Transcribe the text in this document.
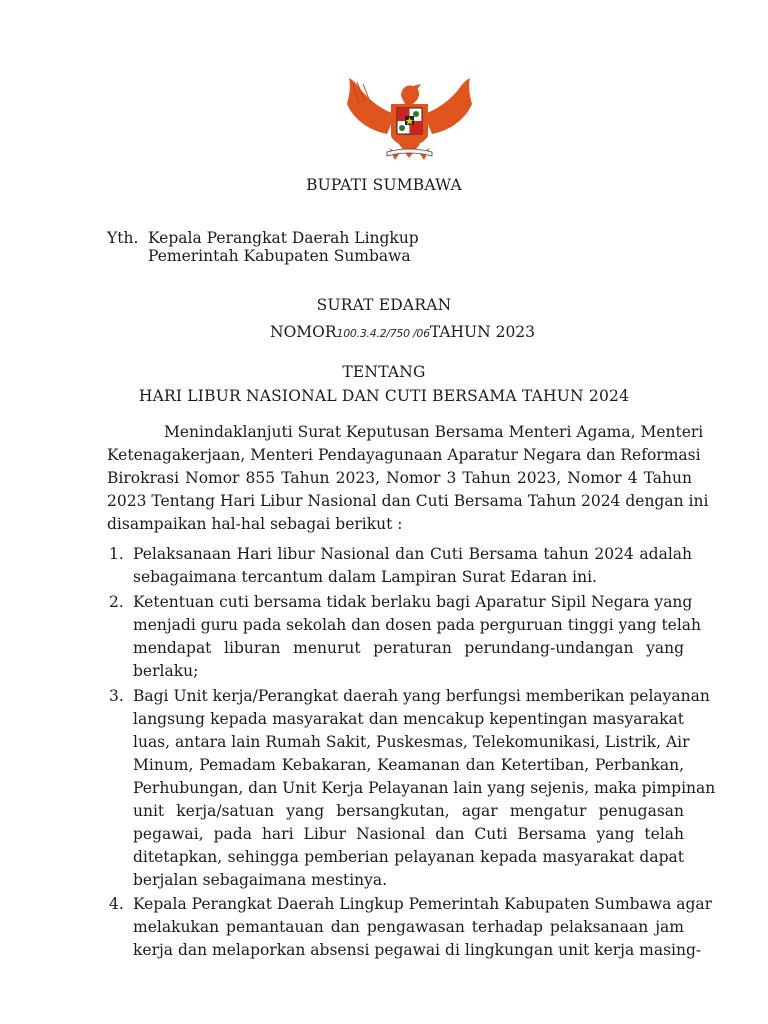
BUPATI SUMBAWA
Yth. Kepala Perangkat Daerah Lingkup
Pemerintah Kabupaten Sumbawa
SURAT EDARAN
NOMOR100.3.4.2/750 /06TAHUN 2023
TENTANG
HARI LIBUR NASIONAL DAN CUTI BERSAMA TAHUN 2024
Menindaklanjuti Surat Keputusan Bersama Menteri Agama, Menteri
Ketenagakerjaan, Menteri Pendayagunaan Aparatur Negara dan Reformasi
Birokrasi Nomor 855 Tahun 2023, Nomor 3 Tahun 2023, Nomor 4 Tahun
2023 Tentang Hari Libur Nasional dan Cuti Bersama Tahun 2024 dengan ini
disampaikan hal-hal sebagai berikut :
1. Pelaksanaan Hari libur Nasional dan Cuti Bersama tahun 2024 adalah
sebagaimana tercantum dalam Lampiran Surat Edaran ini.
2. Ketentuan cuti bersama tidak berlaku bagi Aparatur Sipil Negara yang
menjadi guru pada sekolah dan dosen pada perguruan tinggi yang telah
mendapat liburan menurut peraturan perundang-undangan yang
berlaku;
3. Bagi Unit kerja/Perangkat daerah yang berfungsi memberikan pelayanan
langsung kepada masyarakat dan mencakup kepentingan masyarakat
luas, antara lain Rumah Sakit, Puskesmas, Telekomunikasi, Listrik, Air
Minum, Pemadam Kebakaran, Keamanan dan Ketertiban, Perbankan,
Perhubungan, dan Unit Kerja Pelayanan lain yang sejenis, maka pimpinan
unit kerja/satuan yang bersangkutan, agar mengatur penugasan
pegawai, pada hari Libur Nasional dan Cuti Bersama yang telah
ditetapkan, sehingga pemberian pelayanan kepada masyarakat dapat
berjalan sebagaimana mestinya.
4. Kepala Perangkat Daerah Lingkup Pemerintah Kabupaten Sumbawa agar
melakukan pemantauan dan pengawasan terhadap pelaksanaan jam
kerja dan melaporkan absensi pegawai di lingkungan unit kerja masing-
